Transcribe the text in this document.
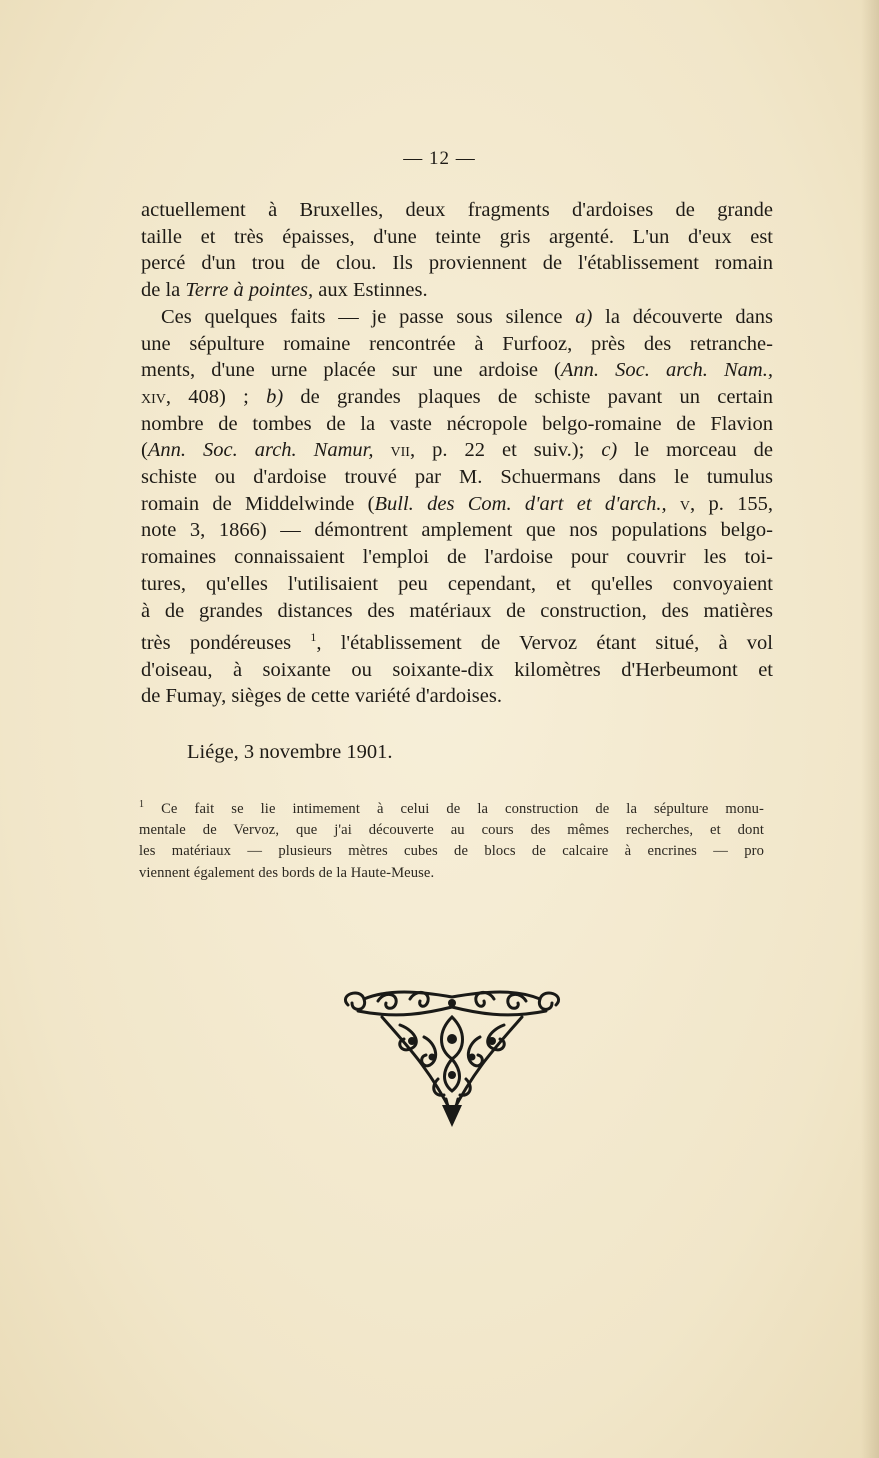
— 12 —
actuellement à Bruxelles, deux fragments d'ardoises de grande
taille et très épaisses, d'une teinte gris argenté. L'un d'eux est
percé d'un trou de clou. Ils proviennent de l'établissement romain
de la Terre à pointes, aux Estinnes.
Ces quelques faits — je passe sous silence a) la découverte dans
une sépulture romaine rencontrée à Furfooz, près des retranche-
ments, d'une urne placée sur une ardoise (Ann. Soc. arch. Nam.,
xiv, 408) ; b) de grandes plaques de schiste pavant un certain
nombre de tombes de la vaste nécropole belgo-romaine de Flavion
(Ann. Soc. arch. Namur, vii, p. 22 et suiv.); c) le morceau de
schiste ou d'ardoise trouvé par M. Schuermans dans le tumulus
romain de Middelwinde (Bull. des Com. d'art et d'arch., v, p. 155,
note 3, 1866) — démontrent amplement que nos populations belgo-
romaines connaissaient l'emploi de l'ardoise pour couvrir les toi-
tures, qu'elles l'utilisaient peu cependant, et qu'elles convoyaient
à de grandes distances des matériaux de construction, des matières
très pondéreuses $^1$, l'établissement de Vervoz étant situé, à vol
d'oiseau, à soixante ou soixante-dix kilomètres d'Herbeumont et
de Fumay, sièges de cette variété d'ardoises.
Liége, 3 novembre 1901.
$^1$ Ce fait se lie intimement à celui de la construction de la sépulture monu-
mentale de Vervoz, que j'ai découverte au cours des mêmes recherches, et dont
les matériaux — plusieurs mètres cubes de blocs de calcaire à encrines — pro
viennent également des bords de la Haute-Meuse.
